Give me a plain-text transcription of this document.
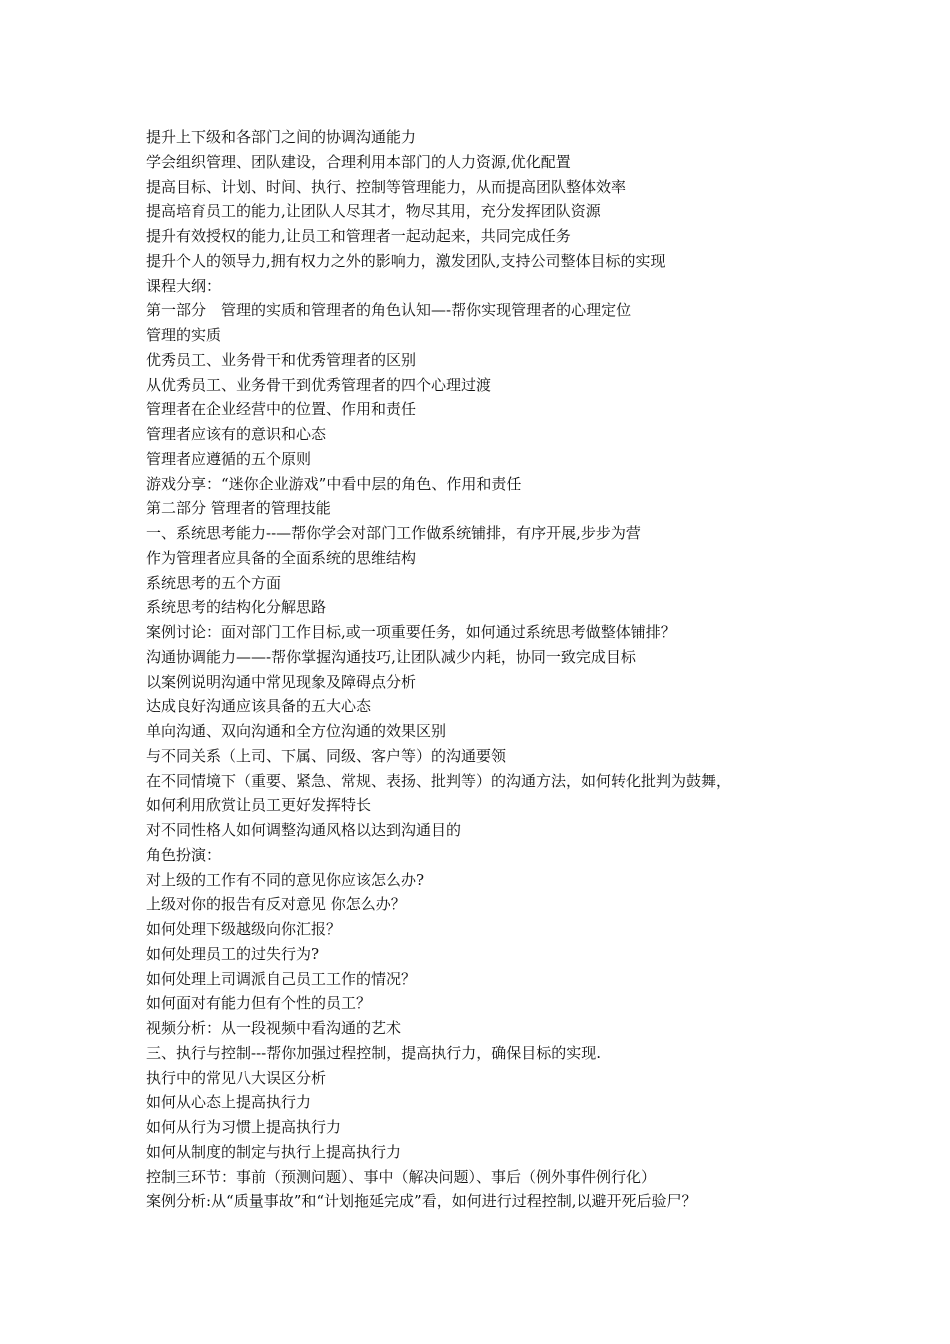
提升上下级和各部门之间的协调沟通能力
学会组织管理、团队建设，合理利用本部门的人力资源,优化配置
提高目标、计划、时间、执行、控制等管理能力，从而提高团队整体效率
提高培育员工的能力,让团队人尽其才，物尽其用，充分发挥团队资源
提升有效授权的能力,让员工和管理者一起动起来，共同完成任务
提升个人的领导力,拥有权力之外的影响力，激发团队,支持公司整体目标的实现
课程大纲：
第一部分　管理的实质和管理者的角色认知—-帮你实现管理者的心理定位
管理的实质
优秀员工、业务骨干和优秀管理者的区别
从优秀员工、业务骨干到优秀管理者的四个心理过渡
管理者在企业经营中的位置、作用和责任
管理者应该有的意识和心态
管理者应遵循的五个原则
游戏分享：“迷你企业游戏”中看中层的角色、作用和责任
第二部分 管理者的管理技能
一、系统思考能力--—帮你学会对部门工作做系统铺排，有序开展,步步为营
作为管理者应具备的全面系统的思维结构
系统思考的五个方面
系统思考的结构化分解思路
案例讨论：面对部门工作目标,或一项重要任务，如何通过系统思考做整体铺排？
沟通协调能力——-帮你掌握沟通技巧,让团队减少内耗，协同一致完成目标
以案例说明沟通中常见现象及障碍点分析
达成良好沟通应该具备的五大心态
单向沟通、双向沟通和全方位沟通的效果区别
与不同关系（上司、下属、同级、客户等）的沟通要领
在不同情境下（重要、紧急、常规、表扬、批判等）的沟通方法，如何转化批判为鼓舞，
如何利用欣赏让员工更好发挥特长
对不同性格人如何调整沟通风格以达到沟通目的
角色扮演：
对上级的工作有不同的意见你应该怎么办?
上级对你的报告有反对意见 你怎么办？
如何处理下级越级向你汇报？
如何处理员工的过失行为?
如何处理上司调派自己员工工作的情况？
如何面对有能力但有个性的员工？
视频分析：从一段视频中看沟通的艺术
三、执行与控制---帮你加强过程控制，提高执行力，确保目标的实现.
执行中的常见八大误区分析
如何从心态上提高执行力
如何从行为习惯上提高执行力
如何从制度的制定与执行上提高执行力
控制三环节：事前（预测问题）、事中（解决问题）、事后（例外事件例行化）
案例分析:从“质量事故”和“计划拖延完成”看，如何进行过程控制,以避开死后验尸？
